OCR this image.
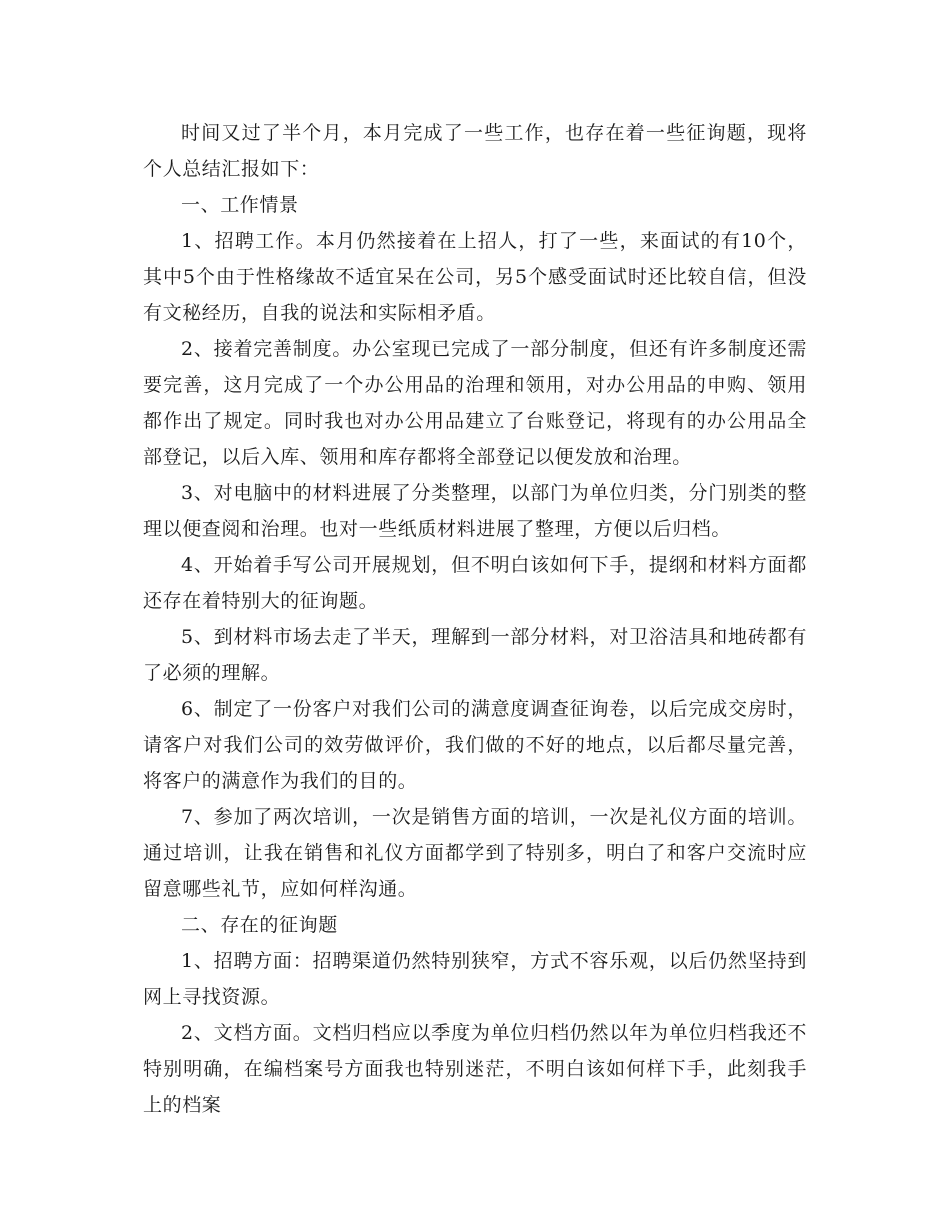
时间又过了半个月，本月完成了一些工作，也存在着一些征询题，现将个人总结汇报如下：

一、工作情景

1、招聘工作。本月仍然接着在上招人，打了一些，来面试的有10个，其中5个由于性格缘故不适宜呆在公司，另5个感受面试时还比较自信，但没有文秘经历，自我的说法和实际相矛盾。

2、接着完善制度。办公室现已完成了一部分制度，但还有许多制度还需要完善，这月完成了一个办公用品的治理和领用，对办公用品的申购、领用都作出了规定。同时我也对办公用品建立了台账登记，将现有的办公用品全部登记，以后入库、领用和库存都将全部登记以便发放和治理。

3、对电脑中的材料进展了分类整理，以部门为单位归类，分门别类的整理以便查阅和治理。也对一些纸质材料进展了整理，方便以后归档。

4、开始着手写公司开展规划，但不明白该如何下手，提纲和材料方面都还存在着特别大的征询题。

5、到材料市场去走了半天，理解到一部分材料，对卫浴洁具和地砖都有了必须的理解。

6、制定了一份客户对我们公司的满意度调查征询卷，以后完成交房时，请客户对我们公司的效劳做评价，我们做的不好的地点，以后都尽量完善，将客户的满意作为我们的目的。

7、参加了两次培训，一次是销售方面的培训，一次是礼仪方面的培训。通过培训，让我在销售和礼仪方面都学到了特别多，明白了和客户交流时应留意哪些礼节，应如何样沟通。

二、存在的征询题

1、招聘方面：招聘渠道仍然特别狭窄，方式不容乐观，以后仍然坚持到网上寻找资源。

2、文档方面。文档归档应以季度为单位归档仍然以年为单位归档我还不特别明确，在编档案号方面我也特别迷茫，不明白该如何样下手，此刻我手上的档案
